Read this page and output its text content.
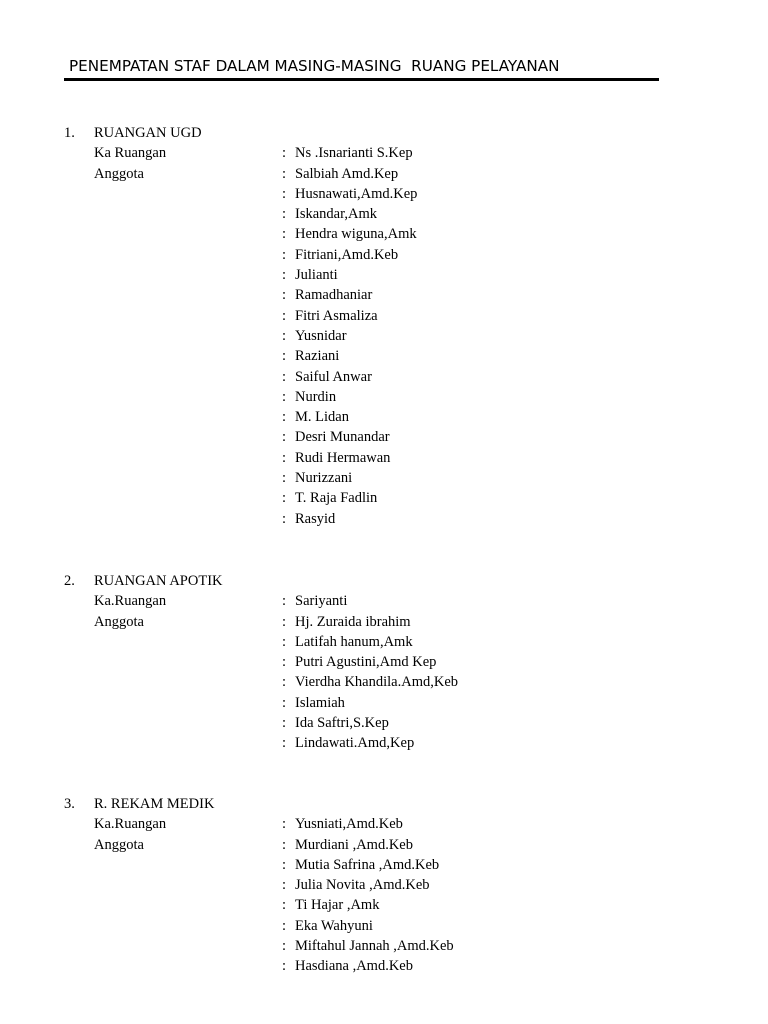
PENEMPATAN STAF DALAM MASING-MASING  RUANG PELAYANAN
1. RUANGAN UGD
Ka Ruangan	: Ns .Isnarianti S.Kep
Anggota	: Salbiah Amd.Kep
: Husnawati,Amd.Kep
: Iskandar,Amk
: Hendra wiguna,Amk
: Fitriani,Amd.Keb
: Julianti
: Ramadhaniar
: Fitri Asmaliza
: Yusnidar
: Raziani
: Saiful Anwar
: Nurdin
: M. Lidan
: Desri Munandar
: Rudi Hermawan
: Nurizzani
: T. Raja Fadlin
: Rasyid
2. RUANGAN APOTIK
Ka.Ruangan	: Sariyanti
Anggota	: Hj. Zuraida ibrahim
: Latifah hanum,Amk
: Putri Agustini,Amd Kep
: Vierdha Khandila.Amd,Keb
: Islamiah
: Ida Saftri,S.Kep
: Lindawati.Amd,Kep
3. R. REKAM MEDIK
Ka.Ruangan	: Yusniati,Amd.Keb
Anggota	: Murdiani ,Amd.Keb
: Mutia Safrina ,Amd.Keb
: Julia Novita ,Amd.Keb
: Ti Hajar ,Amk
: Eka Wahyuni
: Miftahul Jannah ,Amd.Keb
: Hasdiana ,Amd.Keb
